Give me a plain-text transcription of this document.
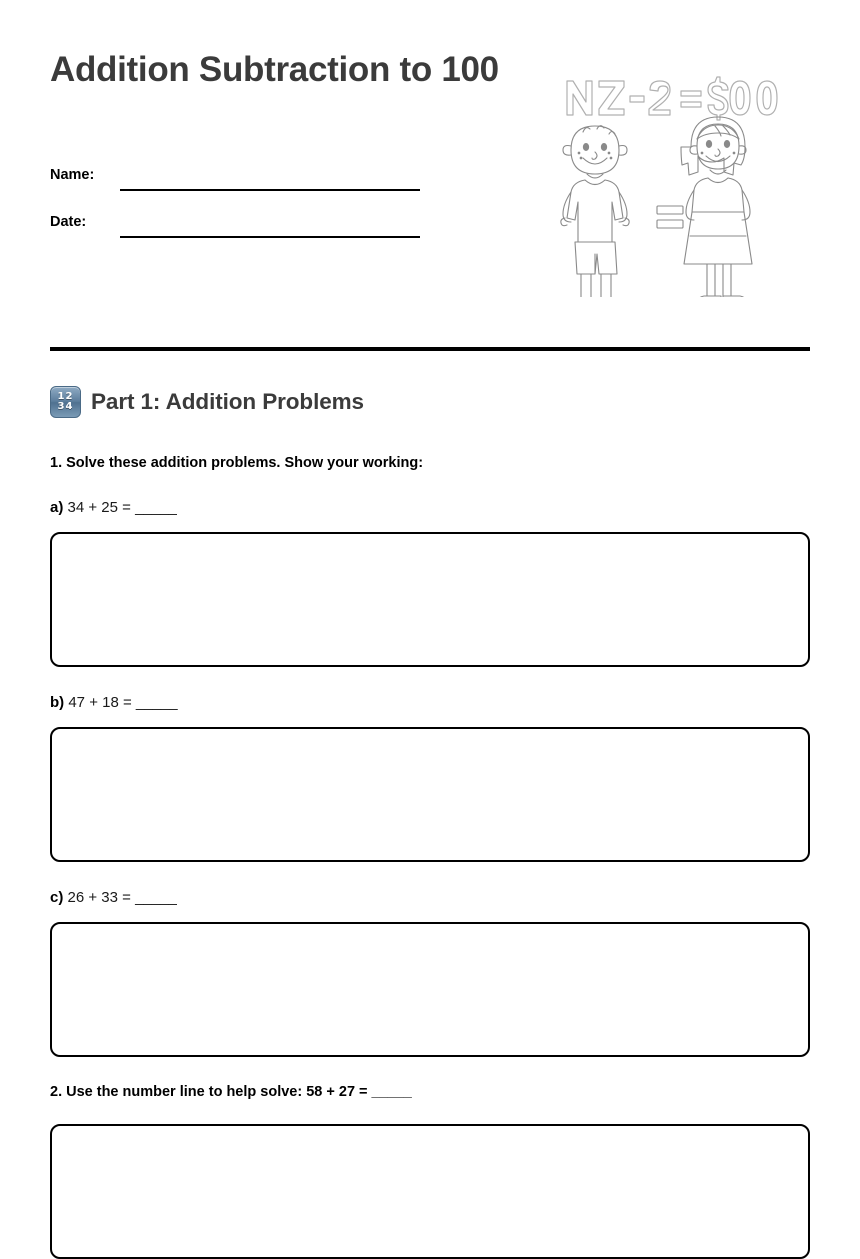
Addition Subtraction to 100
Name:
Date:
12
34 Part 1: Addition Problems

1. Solve these addition problems. Show your working:

a) 34 + 25 = _____

b) 47 + 18 = _____

c) 26 + 33 = _____

2. Use the number line to help solve: 58 + 27 = _____
